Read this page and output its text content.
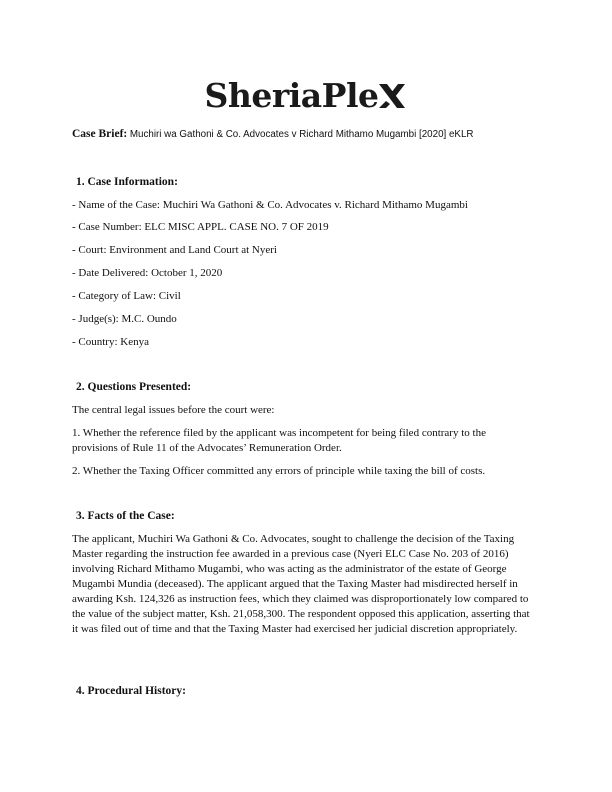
SheriaPle
Case Brief: Muchiri wa Gathoni & Co. Advocates v Richard Mithamo Mugambi [2020] eKLR
1. Case Information:
- Name of the Case: Muchiri Wa Gathoni & Co. Advocates v. Richard Mithamo Mugambi
- Case Number: ELC MISC APPL. CASE NO. 7 OF 2019
- Court: Environment and Land Court at Nyeri
- Date Delivered: October 1, 2020
- Category of Law: Civil
- Judge(s): M.C. Oundo
- Country: Kenya
2. Questions Presented:
The central legal issues before the court were:
1. Whether the reference filed by the applicant was incompetent for being filed contrary to the provisions of Rule 11 of the Advocates’ Remuneration Order.
2. Whether the Taxing Officer committed any errors of principle while taxing the bill of costs.
3. Facts of the Case:
The applicant, Muchiri Wa Gathoni & Co. Advocates, sought to challenge the decision of the Taxing Master regarding the instruction fee awarded in a previous case (Nyeri ELC Case No. 203 of 2016) involving Richard Mithamo Mugambi, who was acting as the administrator of the estate of George Mugambi Mundia (deceased). The applicant argued that the Taxing Master had misdirected herself in awarding Ksh. 124,326 as instruction fees, which they claimed was disproportionately low compared to the value of the subject matter, Ksh. 21,058,300. The respondent opposed this application, asserting that it was filed out of time and that the Taxing Master had exercised her judicial discretion appropriately.
4. Procedural History:
